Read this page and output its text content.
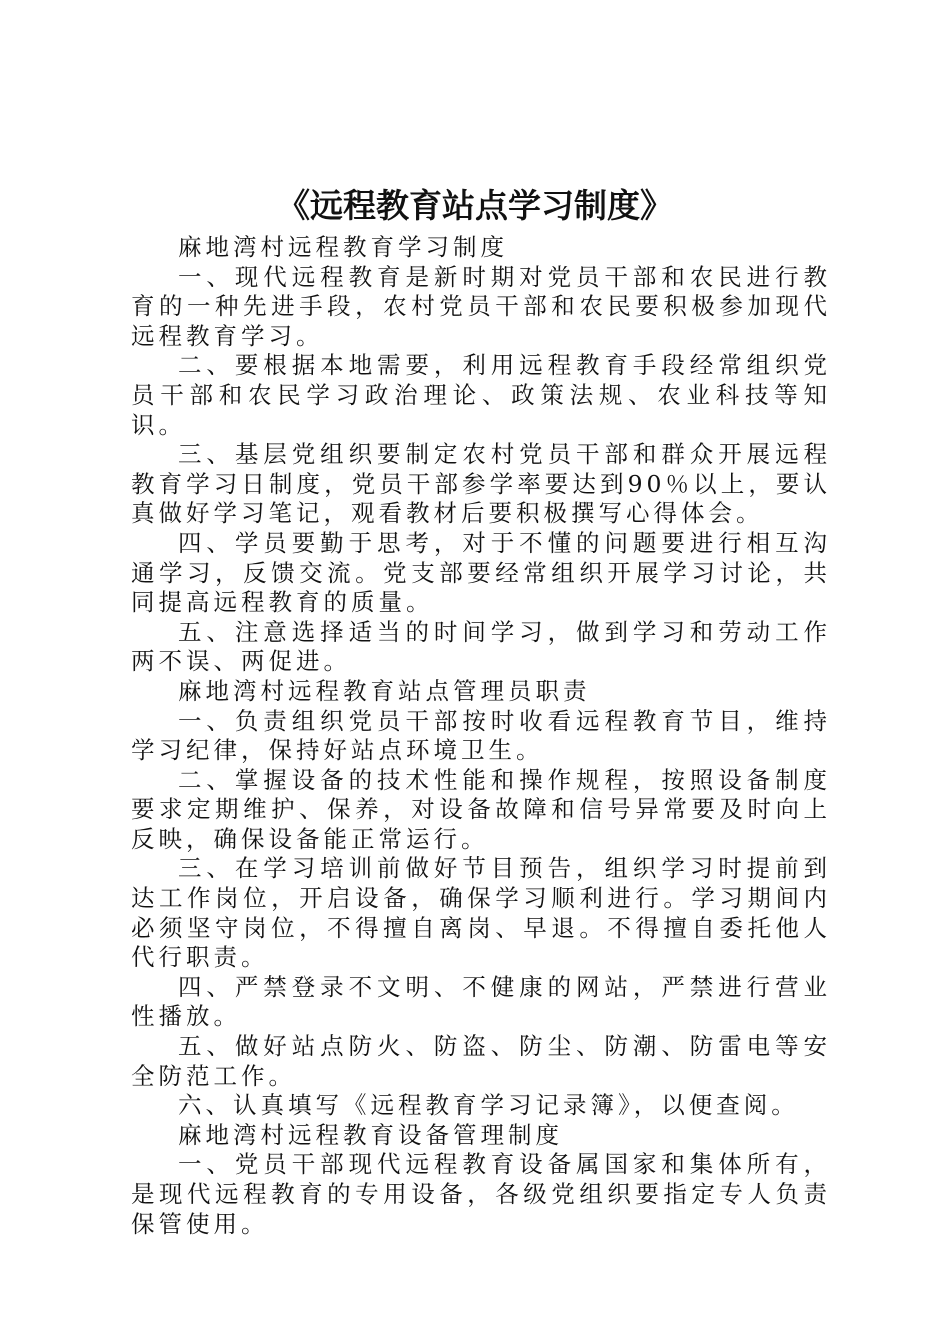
《远程教育站点学习制度》

麻地湾村远程教育学习制度

一、现代远程教育是新时期对党员干部和农民进行教育的一种先进手段，农村党员干部和农民要积极参加现代远程教育学习。

二、要根据本地需要，利用远程教育手段经常组织党员干部和农民学习政治理论、政策法规、农业科技等知识。

三、基层党组织要制定农村党员干部和群众开展远程教育学习日制度，党员干部参学率要达到90％以上，要认真做好学习笔记，观看教材后要积极撰写心得体会。

四、学员要勤于思考，对于不懂的问题要进行相互沟通学习，反馈交流。党支部要经常组织开展学习讨论，共同提高远程教育的质量。

五、注意选择适当的时间学习，做到学习和劳动工作两不误、两促进。

麻地湾村远程教育站点管理员职责

一、负责组织党员干部按时收看远程教育节目，维持学习纪律，保持好站点环境卫生。

二、掌握设备的技术性能和操作规程，按照设备制度要求定期维护、保养，对设备故障和信号异常要及时向上反映，确保设备能正常运行。

三、在学习培训前做好节目预告，组织学习时提前到达工作岗位，开启设备，确保学习顺利进行。学习期间内必须坚守岗位，不得擅自离岗、早退。不得擅自委托他人代行职责。

四、严禁登录不文明、不健康的网站，严禁进行营业性播放。

五、做好站点防火、防盗、防尘、防潮、防雷电等安全防范工作。

六、认真填写《远程教育学习记录簿》，以便查阅。

麻地湾村远程教育设备管理制度

一、党员干部现代远程教育设备属国家和集体所有，是现代远程教育的专用设备，各级党组织要指定专人负责保管使用。
